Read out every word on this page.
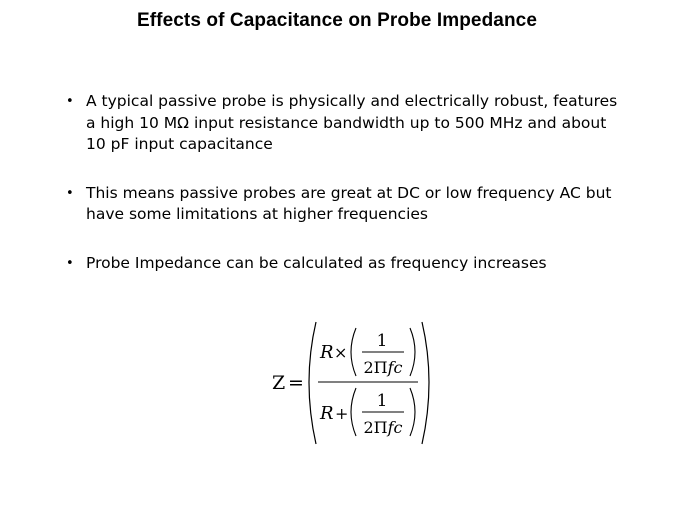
Effects of Capacitance on Probe Impedance
• A typical passive probe is physically and electrically robust, features a high 10 MΩ input resistance bandwidth up to 500 MHz and about 10 pF input capacitance
• This means passive probes are great at DC or low frequency AC but have some limitations at higher frequencies
• Probe Impedance can be calculated as frequency increases
Z =
R ×
1
2Πfc
R +
1
2Πfc
